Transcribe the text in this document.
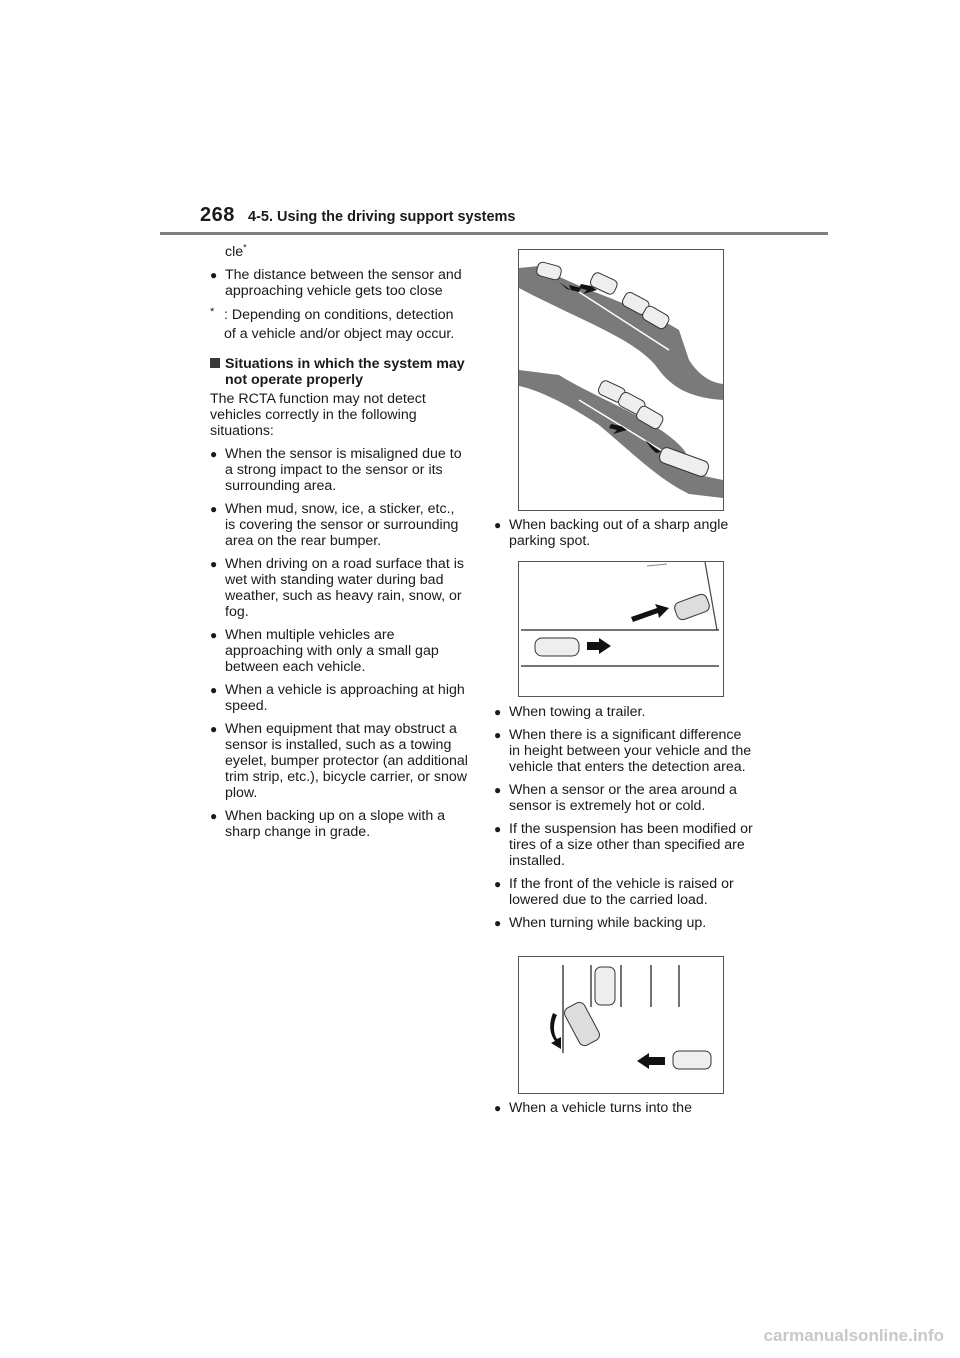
268 4-5. Using the driving support systems
cle*
● The distance between the sensor and approaching vehicle gets too close
* : Depending on conditions, detection of a vehicle and/or object may occur.
Situations in which the system may not operate properly

The RCTA function may not detect vehicles correctly in the following situations:

● When the sensor is misaligned due to a strong impact to the sensor or its surrounding area.
● When mud, snow, ice, a sticker, etc., is covering the sensor or surrounding area on the rear bumper.
● When driving on a road surface that is wet with standing water during bad weather, such as heavy rain, snow, or fog.
● When multiple vehicles are approaching with only a small gap between each vehicle.
● When a vehicle is approaching at high speed.
● When equipment that may obstruct a sensor is installed, such as a towing eyelet, bumper protector (an additional trim strip, etc.), bicycle carrier, or snow plow.
● When backing up on a slope with a sharp change in grade.
● When backing out of a sharp angle parking spot.
● When towing a trailer.
● When there is a significant difference in height between your vehicle and the vehicle that enters the detection area.
● When a sensor or the area around a sensor is extremely hot or cold.
● If the suspension has been modified or tires of a size other than specified are installed.
● If the front of the vehicle is raised or lowered due to the carried load.
● When turning while backing up.
● When a vehicle turns into the
carmanualsonline.info
